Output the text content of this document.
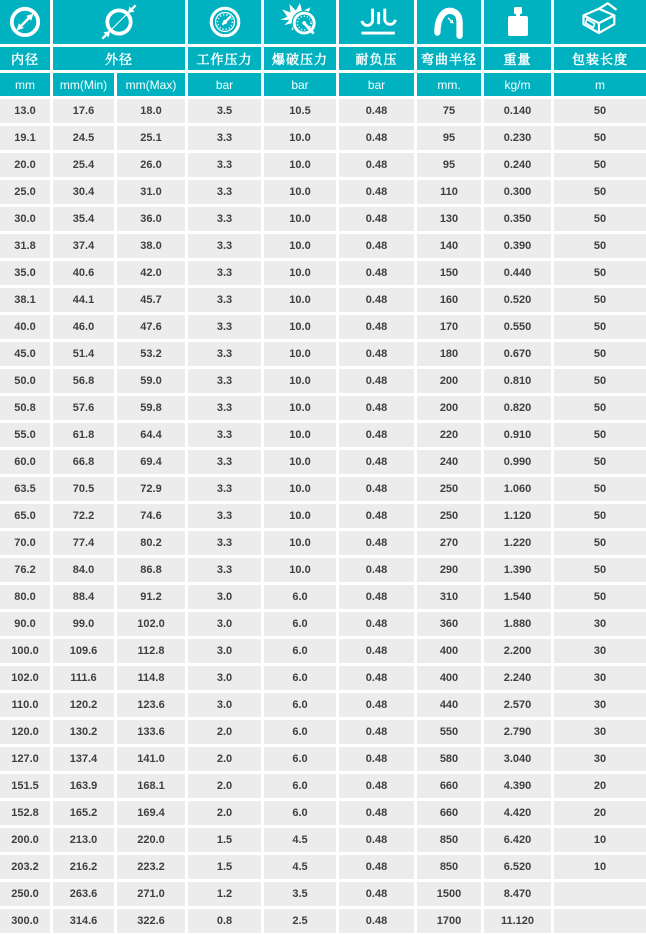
内径	外径	工作压力	爆破压力	耐负压	弯曲半径	重量	包装长度
mm	mm(Min)	mm(Max)	bar	bar	bar	mm.	kg/m	m
13.0	17.6	18.0	3.5	10.5	0.48	75	0.140	50
19.1	24.5	25.1	3.3	10.0	0.48	95	0.230	50
20.0	25.4	26.0	3.3	10.0	0.48	95	0.240	50
25.0	30.4	31.0	3.3	10.0	0.48	110	0.300	50
30.0	35.4	36.0	3.3	10.0	0.48	130	0.350	50
31.8	37.4	38.0	3.3	10.0	0.48	140	0.390	50
35.0	40.6	42.0	3.3	10.0	0.48	150	0.440	50
38.1	44.1	45.7	3.3	10.0	0.48	160	0.520	50
40.0	46.0	47.6	3.3	10.0	0.48	170	0.550	50
45.0	51.4	53.2	3.3	10.0	0.48	180	0.670	50
50.0	56.8	59.0	3.3	10.0	0.48	200	0.810	50
50.8	57.6	59.8	3.3	10.0	0.48	200	0.820	50
55.0	61.8	64.4	3.3	10.0	0.48	220	0.910	50
60.0	66.8	69.4	3.3	10.0	0.48	240	0.990	50
63.5	70.5	72.9	3.3	10.0	0.48	250	1.060	50
65.0	72.2	74.6	3.3	10.0	0.48	250	1.120	50
70.0	77.4	80.2	3.3	10.0	0.48	270	1.220	50
76.2	84.0	86.8	3.3	10.0	0.48	290	1.390	50
80.0	88.4	91.2	3.0	6.0	0.48	310	1.540	50
90.0	99.0	102.0	3.0	6.0	0.48	360	1.880	30
100.0	109.6	112.8	3.0	6.0	0.48	400	2.200	30
102.0	111.6	114.8	3.0	6.0	0.48	400	2.240	30
110.0	120.2	123.6	3.0	6.0	0.48	440	2.570	30
120.0	130.2	133.6	2.0	6.0	0.48	550	2.790	30
127.0	137.4	141.0	2.0	6.0	0.48	580	3.040	30
151.5	163.9	168.1	2.0	6.0	0.48	660	4.390	20
152.8	165.2	169.4	2.0	6.0	0.48	660	4.420	20
200.0	213.0	220.0	1.5	4.5	0.48	850	6.420	10
203.2	216.2	223.2	1.5	4.5	0.48	850	6.520	10
250.0	263.6	271.0	1.2	3.5	0.48	1500	8.470
300.0	314.6	322.6	0.8	2.5	0.48	1700	11.120
